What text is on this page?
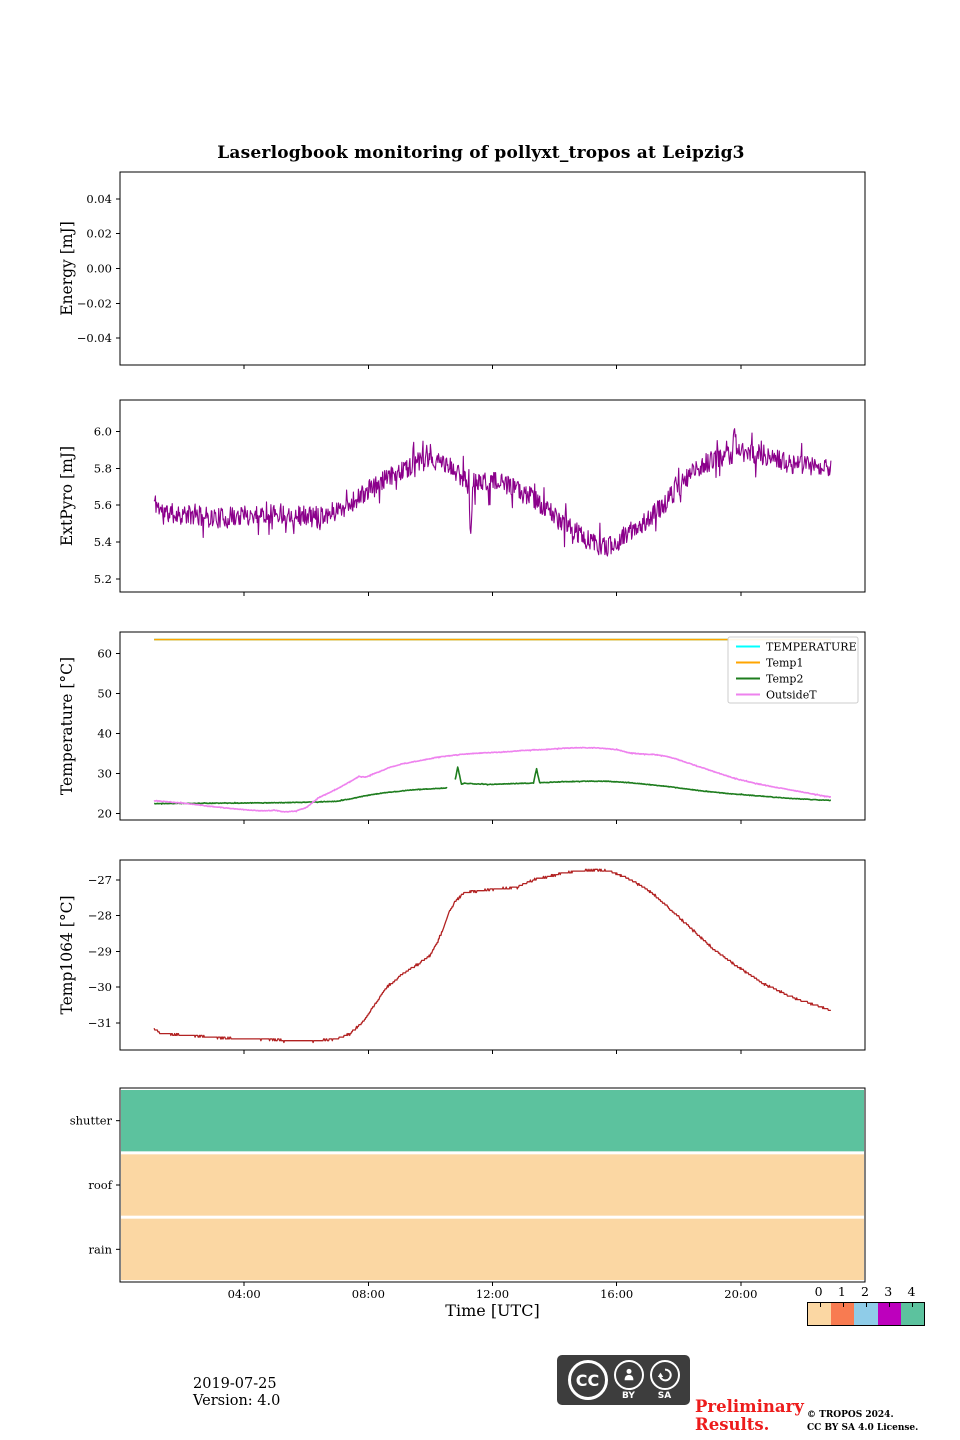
Laserlogbook monitoring of pollyxt_tropos at Leipzig3
0.04
0.02
0.00
−0.02
−0.04
Energy [mJ]
6.0
5.8
5.6
5.4
5.2
ExtPyro [mJ]
60
50
40
30
20
TEMPERATURE
Temp1
Temp2
OutsideT
Temperature [°C]
−27
−28
−29
−30
−31
Temp1064 [°C]
shutter
roof
rain
04:00	08:00	12:00	16:00	20:00
Time [UTC]
0	1	2	3	4
2019-07-25
Version: 4.0
CC
BY	SA
Preliminary
Results.
© TROPOS 2024.
CC BY SA 4.0 License.
